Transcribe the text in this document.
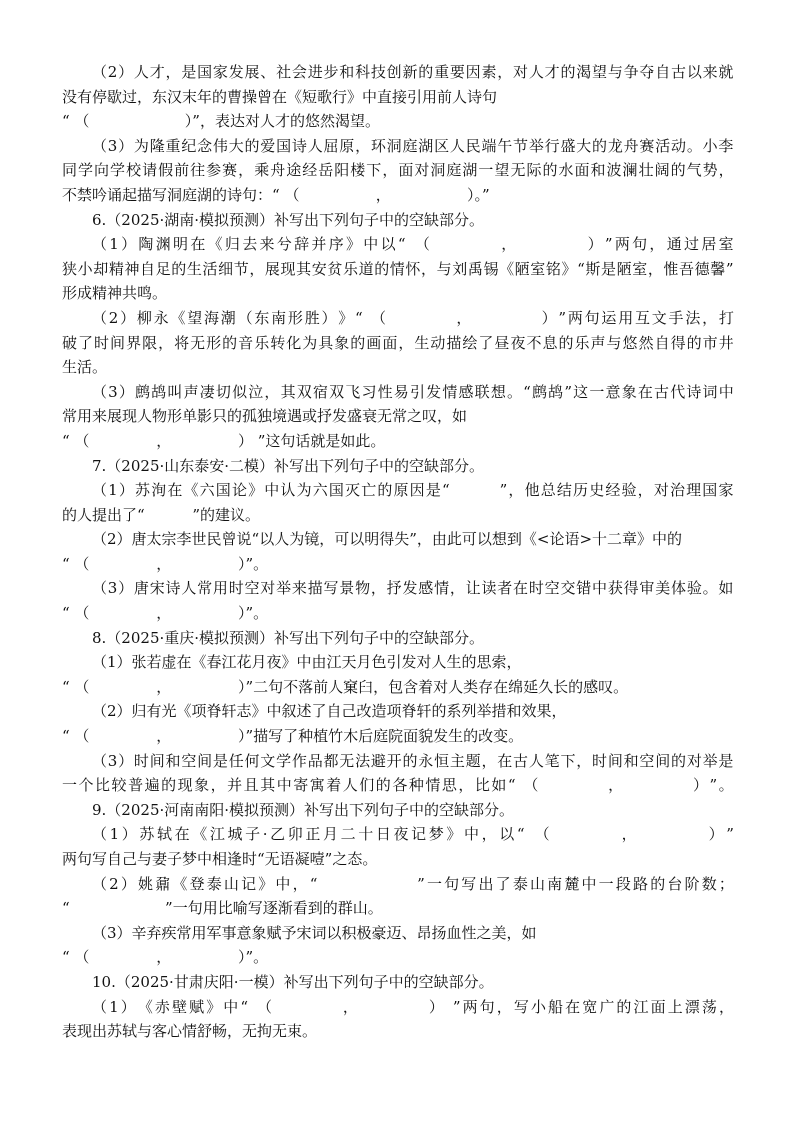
（ 2 ） 人 才 ， 是 国 家 发 展 、 社 会 进 步 和 科 技 创 新 的 重 要 因 素 ， 对 人 才 的 渴 望 与 争 夺 自 古 以 来 就
没有停歇过，东汉末年的曹操曾在《短歌行》中直接引用前人诗句
“ （                    ）”，表达对人才的悠然渴望。
（ 3 ） 为 隆 重 纪 念 伟 大 的 爱 国 诗 人 屈 原 ， 环 洞 庭 湖 区 人 民 端 午 节 举 行 盛 大 的 龙 舟 赛 活 动 。 小 李
同 学 向 学 校 请 假 前 往 参 赛 ， 乘 舟 途 经 岳 阳 楼 下 ， 面 对 洞 庭 湖 一 望 无 际 的 水 面 和 波 澜 壮 阔 的 气 势 ，
不禁吟诵起描写洞庭湖的诗句：“ （                ，                ）。”
6.（2025·湖南·模拟预测）补写出下列句子中的空缺部分。
（ 1 ） 陶 渊 明 在 《 归 去 来 兮 辞 并 序 》 中 以 “
（
	，
	） ” 两 句 ， 通 过 居 室
狭 小 却 精 神 自 足 的 生 活 细 节 ， 展 现 其 安 贫 乐 道 的 情 怀 ， 与 刘 禹 锡 《 陋 室 铭 》 “ 斯 是 陋 室 ， 惟 吾 德 馨 ”
形成精神共鸣。
（ 2 ） 柳 永 《 望 海 潮 （ 东 南 形 胜 ） 》 “
（
	，
	） ” 两 句 运 用 互 文 手 法 ， 打
破 了 时 间 界 限 ， 将 无 形 的 音 乐 转 化 为 具 象 的 画 面 ， 生 动 描 绘 了 昼 夜 不 息 的 乐 声 与 悠 然 自 得 的 市 井
生活。
（ 3 ） 鹧 鸪 叫 声 凄 切 似 泣 ， 其 双 宿 双 飞 习 性 易 引 发 情 感 联 想 。 “ 鹧 鸪 ” 这 一 意 象 在 古 代 诗 词 中
常用来展现人物形单影只的孤独境遇或抒发盛衰无常之叹，如
“ （              ，              ） ”这句话就是如此。
7.（2025·山东泰安·二模）补写出下列句子中的空缺部分。
（ 1 ） 苏 洵 在 《 六 国 论 》 中 认 为 六 国 灭 亡 的 原 因 是 “
	” ， 他 总 结 历 史 经 验 ， 对 治 理 国 家
的人提出了“          ”的建议。
（2）唐太宗李世民曾说“以人为镜，可以明得失”，由此可以想到《<论语>十二章》中的
“ （              ，              ）”。
（ 3 ） 唐 宋 诗 人 常 用 时 空 对 举 来 描 写 景 物 ， 抒 发 感 情 ， 让 读 者 在 时 空 交 错 中 获 得 审 美 体 验 。 如
“ （              ，              ）”。
8.（2025·重庆·模拟预测）补写出下列句子中的空缺部分。
（1）张若虚在《春江花月夜》中由江天月色引发对人生的思索，
“ （              ，              ）”二句不落前人窠臼，包含着对人类存在绵延久长的感叹。
（2）归有光《项脊轩志》中叙述了自己改造项脊轩的系列举措和效果，
“ （              ，              ）”描写了种植竹木后庭院面貌发生的改变。
（ 3 ） 时 间 和 空 间 是 任 何 文 学 作 品 都 无 法 避 开 的 永 恒 主 题 ， 在 古 人 笔 下 ， 时 间 和 空 间 的 对 举 是
一 个 比 较 普 遍 的 现 象 ， 并 且 其 中 寄 寓 着 人 们 的 各 种 情 思 ， 比 如 “
（
	，
	） ” 。
9.（2025·河南南阳·模拟预测）补写出下列句子中的空缺部分。
（ 1 ） 苏 轼 在 《 江 城 子 · 乙 卯 正 月 二 十 日 夜 记 梦 》 中 ， 以 “
（
	，
	） ”
两句写自己与妻子梦中相逢时“无语凝噎”之态。
（ 2 ） 姚 鼐 《 登 泰 山 记 》 中 ， “
	” 一 句 写 出 了 泰 山 南 麓 中 一 段 路 的 台 阶 数 ；
“                    ”一句用比喻写逐渐看到的群山。
（3）辛弃疾常用军事意象赋予宋词以积极豪迈、昂扬血性之美，如
“ （              ，              ）”。
10.（2025·甘肃庆阳·一模）补写出下列句子中的空缺部分。
（ 1 ） 《 赤 壁 赋 》 中 “
（
	，
	）
” 两 句 ， 写 小 船 在 宽 广 的 江 面 上 漂 荡 ，
表现出苏轼与客心情舒畅，无拘无束。
